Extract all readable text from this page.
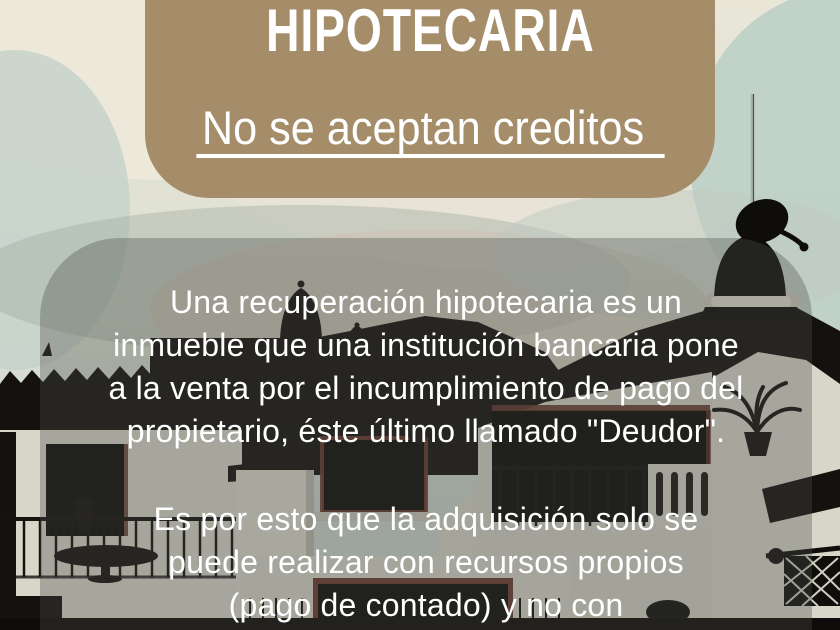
HIPOTECARIA
No se aceptan creditos
Una recuperación hipotecaria es un
inmueble que una institución bancaria pone
a la venta por el incumplimiento de pago del
propietario, éste último llamado "Deudor".
Es por esto que la adquisición solo se
puede realizar con recursos propios
(pago de contado) y no con
